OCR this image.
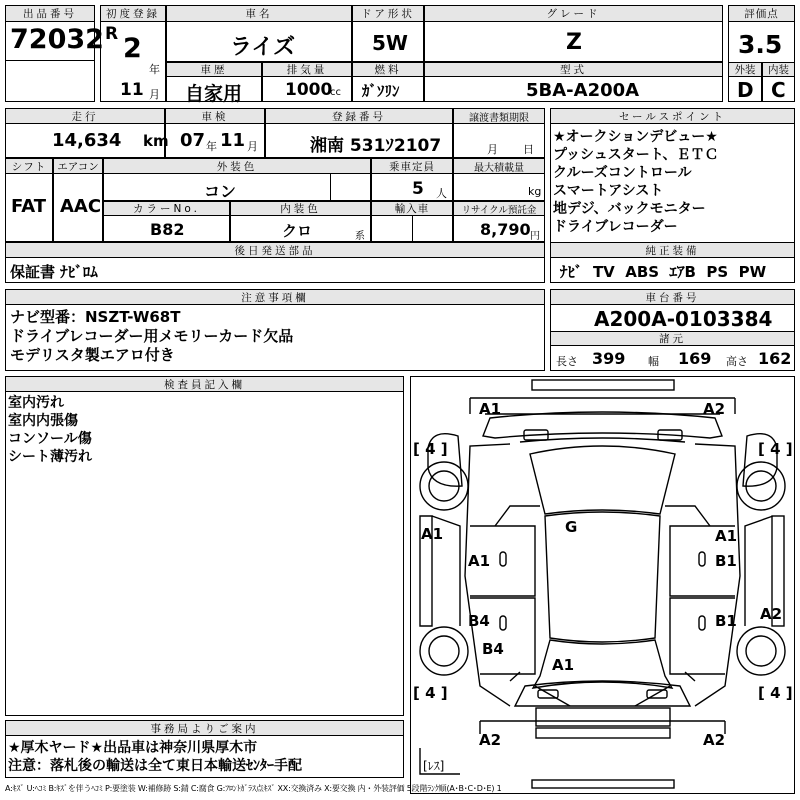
出品番号
72032
初度登録
R 2
年
11 月
車名
ライズ
ドア形状
5W
グレード
Z
評価点
3.5
車歴
自家用
排気量
1000
cc
燃料
ｶﾞｿﾘﾝ
型式
5BA-A200A
外装
D
内装
C
走行
14,634 km
車検
07 年 11 月
登録番号
湘南 531ｿ2107
譲渡書類期限
月 日
シフト
FAT
エアコン
AAC
外装色
コン
乗車定員
5 人
最大積載量
kg
カラーNo.
B82
内装色
クロ	系
輸入車	リサイクル預託金
8,790 円
後日発送部品
保証書 ﾅﾋﾞﾛﾑ
セールスポイント
★オークションデビュー★
プッシュスタート、ＥＴＣ
クルーズコントロール
スマートアシスト
地デジ、バックモニター
ドライブレコーダー
純正装備
ﾅﾋﾞ  TV  ABS  ｴｱB  PS  PW
注意事項欄
ナビ型番：NSZT-W68T
ドライブレコーダー用メモリーカード欠品
モデリスタ製エアロ付き
車台番号
A200A-0103384
諸元
長さ 399 幅 169 高さ 162
検査員記入欄
室内汚れ
室内内張傷
コンソール傷
シート薄汚れ
A1	A2
[ 4 ]	[ 4 ]
A1	G
A1
A1
B1
A2
B4	B1
B4
A1
[ 4 ]	[ 4 ]
A2	A2
[ﾚｽ]
事務局よりご案内
★厚木ヤード★出品車は神奈川県厚木市
注意：落札後の輸送は全て東日本輸送ｾﾝﾀｰ手配
A:ｷｽﾞ U:ﾍｺﾐ B:ｷｽﾞを伴うﾍｺﾐ P:要塗装 W:補修跡 S:錆 C:腐食 G:ﾌﾛﾝﾄｶﾞﾗｽ点ｷｽﾞ XX:交換済み X:要交換 内・外装評価 5段階ﾗﾝｸ順(A･B･C･D･E) 1
